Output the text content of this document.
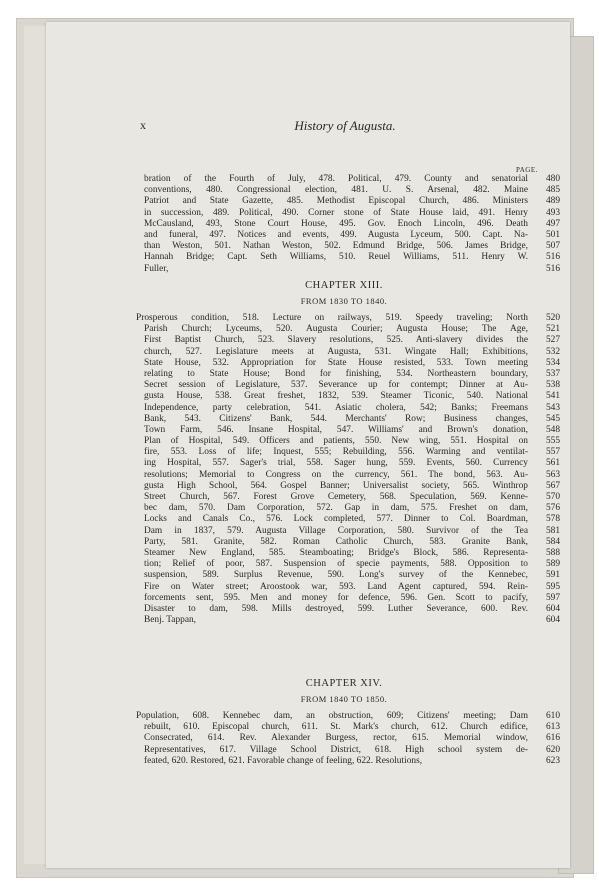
x	History of Augusta.
PAGE.
bration of the Fourth of July, 478. Political, 479. County and senatorial	480
conventions, 480. Congressional election, 481. U. S. Arsenal, 482. Maine	485
Patriot and State Gazette, 485. Methodist Episcopal Church, 486. Ministers	489
in succession, 489. Political, 490. Corner stone of State House laid, 491. Henry	493
McCausland, 493, Stone Court House, 495. Gov. Enoch Lincoln, 496. Death	497
and funeral, 497. Notices and events, 499. Augusta Lyceum, 500. Capt. Na-	501
than Weston, 501. Nathan Weston, 502. Edmund Bridge, 506. James Bridge,	507
Hannah Bridge; Capt. Seth Williams, 510. Reuel Williams, 511. Henry W.	516
Fuller,	516
CHAPTER XIII.
FROM 1830 TO 1840.
Prosperous condition, 518. Lecture on railways, 519. Speedy traveling; North	520
Parish Church; Lyceums, 520. Augusta Courier; Augusta House; The Age,	521
First Baptist Church, 523. Slavery resolutions, 525. Anti-slavery divides the	527
church, 527. Legislature meets at Augusta, 531. Wingate Hall; Exhibitions,	532
State House, 532. Appropriation for State House resisted, 533. Town meeting	534
relating to State House; Bond for finishing, 534. Northeastern boundary,	537
Secret session of Legislature, 537. Severance up for contempt; Dinner at Au-	538
gusta House, 538. Great freshet, 1832, 539. Steamer Ticonic, 540. National	541
Independence, party celebration, 541. Asiatic cholera, 542; Banks; Freemans	543
Bank, 543. Citizens' Bank, 544. Merchants' Row; Business changes,	545
Town Farm, 546. Insane Hospital, 547. Williams' and Brown's donation,	548
Plan of Hospital, 549. Officers and patients, 550. New wing, 551. Hospital on	555
fire, 553. Loss of life; Inquest, 555; Rebuilding, 556. Warming and ventilat-	557
ing Hospital, 557. Sager's trial, 558. Sager hung, 559. Events, 560. Currency	561
resolutions; Memorial to Congress on the currency, 561. The bond, 563. Au-	563
gusta High School, 564. Gospel Banner; Universalist society, 565. Winthrop	567
Street Church, 567. Forest Grove Cemetery, 568. Speculation, 569. Kenne-	570
bec dam, 570. Dam Corporation, 572. Gap in dam, 575. Freshet on dam,	576
Locks and Canals Co., 576. Lock completed, 577. Dinner to Col. Boardman,	578
Dam in 1837, 579. Augusta Village Corporation, 580. Survivor of the Tea	581
Party, 581. Granite, 582. Roman Catholic Church, 583. Granite Bank,	584
Steamer New England, 585. Steamboating; Bridge's Block, 586. Representa-	588
tion; Relief of poor, 587. Suspension of specie payments, 588. Opposition to	589
suspension, 589. Surplus Revenue, 590. Long's survey of the Kennebec,	591
Fire on Water street; Aroostook war, 593. Land Agent captured, 594. Rein-	595
forcements sent, 595. Men and money for defence, 596. Gen. Scott to pacify,	597
Disaster to dam, 598. Mills destroyed, 599. Luther Severance, 600. Rev.	604
Benj. Tappan,	604
CHAPTER XIV.
FROM 1840 TO 1850.
Population, 608. Kennebec dam, an obstruction, 609; Citizens' meeting; Dam	610
rebuilt, 610. Episcopal church, 611. St. Mark's church, 612. Church edifice,	613
Consecrated, 614. Rev. Alexander Burgess, rector, 615. Memorial window,	616
Representatives, 617. Village School District, 618. High school system de-	620
feated, 620. Restored, 621. Favorable change of feeling, 622. Resolutions,	623
